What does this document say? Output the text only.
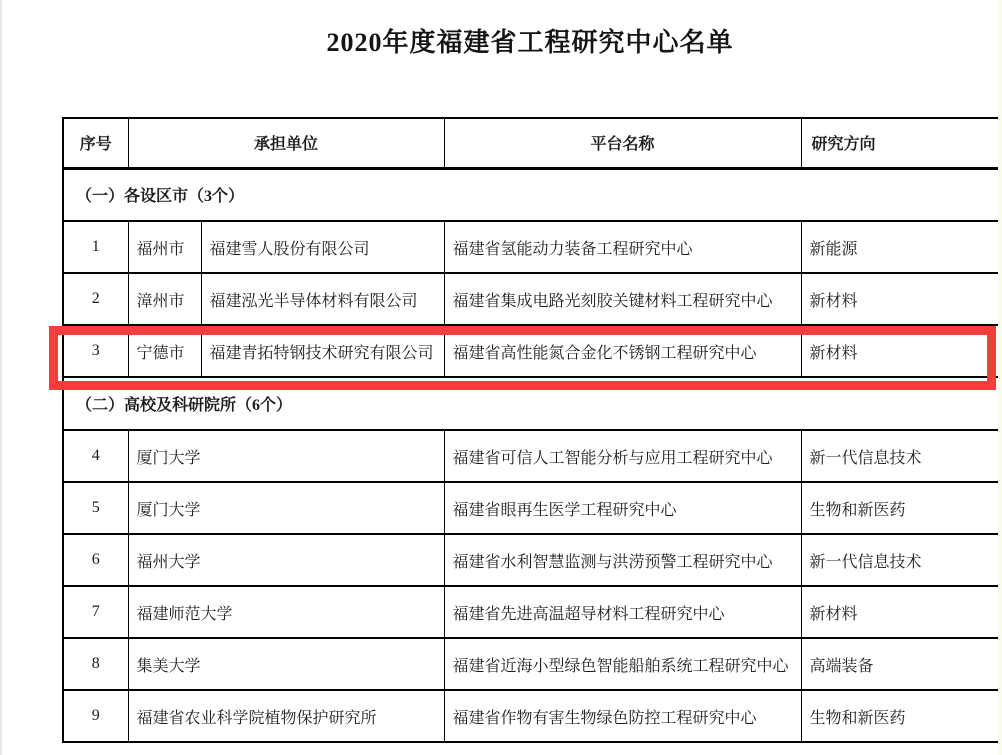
2020年度福建省工程研究中心名单
序号	承担单位		平台名称	研究方向
（一）各设区市（3个）				
1	福州市	福建雪人股份有限公司	福建省氢能动力装备工程研究中心	新能源
2	漳州市	福建泓光半导体材料有限公司	福建省集成电路光刻胶关键材料工程研究中心	新材料
3	宁德市	福建青拓特钢技术研究有限公司	福建省高性能氮合金化不锈钢工程研究中心	新材料
（二）高校及科研院所（6个）				
4	厦门大学		福建省可信人工智能分析与应用工程研究中心	新一代信息技术
5	厦门大学		福建省眼再生医学工程研究中心	生物和新医药
6	福州大学		福建省水利智慧监测与洪涝预警工程研究中心	新一代信息技术
7	福建师范大学		福建省先进高温超导材料工程研究中心	新材料
8	集美大学		福建省近海小型绿色智能船舶系统工程研究中心	高端装备
9	福建省农业科学院植物保护研究所		福建省作物有害生物绿色防控工程研究中心	生物和新医药
